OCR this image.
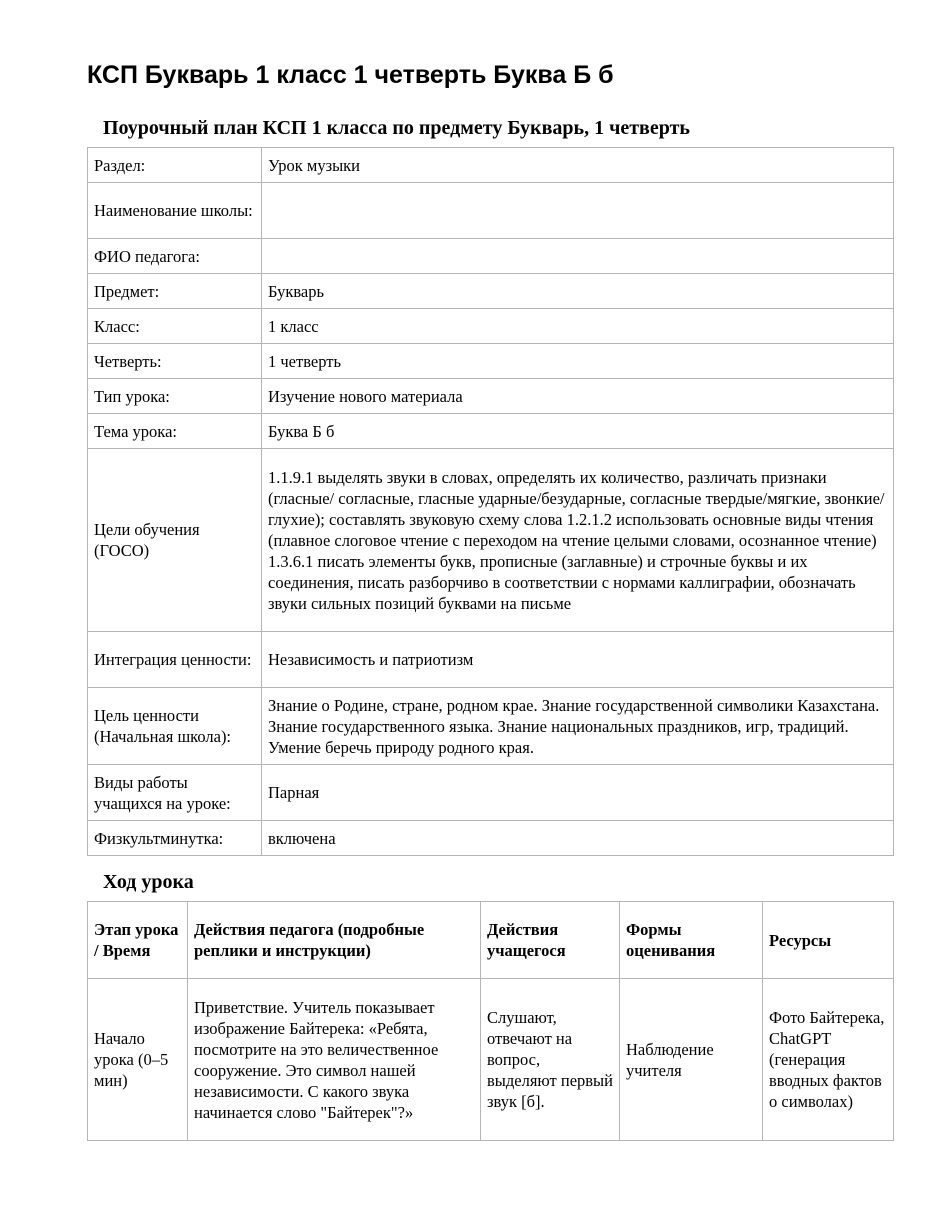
КСП Букварь 1 класс 1 четверть Буква Б б
Поурочный план КСП 1 класса по предмету Букварь, 1 четверть
Раздел:	Урок музыки
Наименование школы:	
ФИО педагога:	
Предмет:	Букварь
Класс:	1 класс
Четверть:	1 четверть
Тип урока:	Изучение нового материала
Тема урока:	Буква Б б
Цели обучения (ГОСО)	1.1.9.1 выделять звуки в словах, определять их количество, различать признаки (гласные/ согласные, гласные ударные/безударные, согласные твердые/мягкие, звонкие/глухие); составлять звуковую схему слова 1.2.1.2 использовать основные виды чтения (плавное слоговое чтение с переходом на чтение целыми словами, осознанное чтение) 1.3.6.1 писать элементы букв, прописные (заглавные) и строчные буквы и их соединения, писать разборчиво в соответствии с нормами каллиграфии, обозначать звуки сильных позиций буквами на письме
Интеграция ценности:	Независимость и патриотизм
Цель ценности (Начальная школа):	Знание о Родине, стране, родном крае. Знание государственной символики Казахстана. Знание государственного языка. Знание национальных праздников, игр, традиций. Умение беречь природу родного края.
Виды работы учащихся на уроке:	Парная
Физкультминутка:	включена
Ход урока
Этап урока / Время	Действия педагога (подробные реплики и инструкции)	Действия учащегося	Формы оценивания	Ресурсы
Начало урока (0–5 мин)	Приветствие. Учитель показывает изображение Байтерека: «Ребята, посмотрите на это величественное сооружение. Это символ нашей независимости. С какого звука начинается слово "Байтерек"?»	Слушают, отвечают на вопрос, выделяют первый звук [б].	Наблюдение учителя	Фото Байтерека, ChatGPT (генерация вводных фактов о символах)
